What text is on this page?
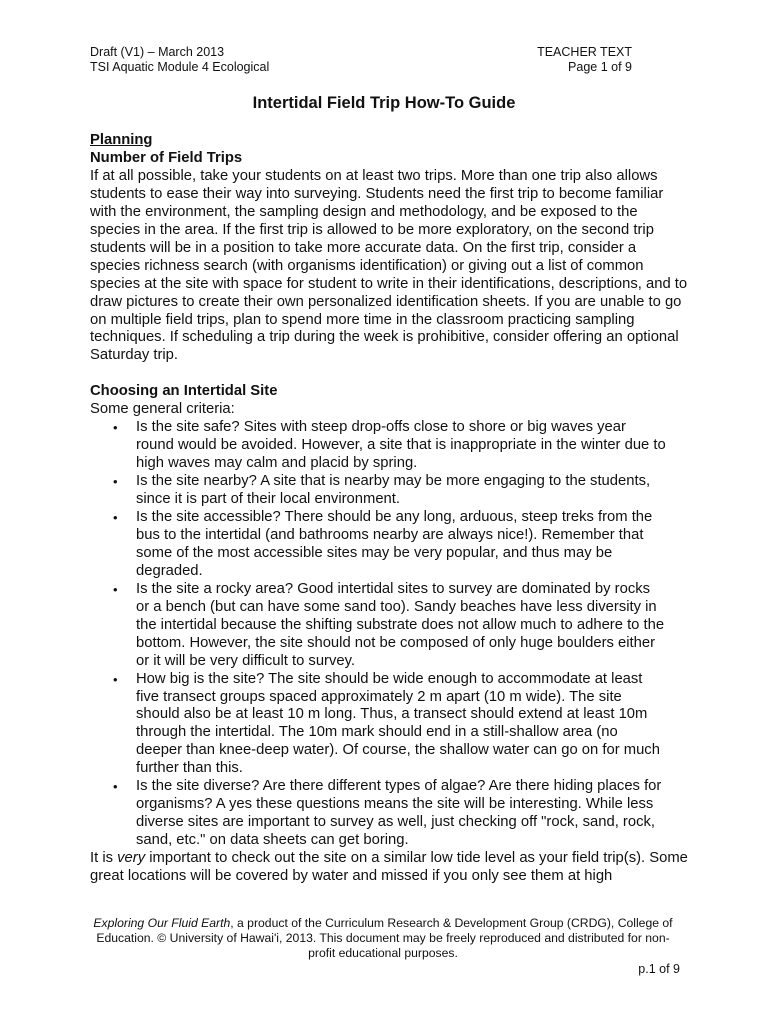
Draft (V1) – March 2013	TEACHER TEXT
TSI Aquatic Module 4 Ecological	Page 1 of 9
Intertidal Field Trip How-To Guide
Planning
Number of Field Trips

If at all possible, take your students on at least two trips. More than one trip also allows students to ease their way into surveying. Students need the first trip to become familiar with the environment, the sampling design and methodology, and be exposed to the species in the area. If the first trip is allowed to be more exploratory, on the second trip students will be in a position to take more accurate data. On the first trip, consider a species richness search (with organisms identification) or giving out a list of common species at the site with space for student to write in their identifications, descriptions, and to draw pictures to create their own personalized identification sheets. If you are unable to go on multiple field trips, plan to spend more time in the classroom practicing sampling techniques. If scheduling a trip during the week is prohibitive, consider offering an optional Saturday trip.

Choosing an Intertidal Site
Some general criteria:
• Is the site safe? Sites with steep drop-offs close to shore or big waves year round would be avoided. However, a site that is inappropriate in the winter due to high waves may calm and placid by spring.
• Is the site nearby? A site that is nearby may be more engaging to the students, since it is part of their local environment.
• Is the site accessible? There should be any long, arduous, steep treks from the bus to the intertidal (and bathrooms nearby are always nice!). Remember that some of the most accessible sites may be very popular, and thus may be degraded.
• Is the site a rocky area? Good intertidal sites to survey are dominated by rocks or a bench (but can have some sand too). Sandy beaches have less diversity in the intertidal because the shifting substrate does not allow much to adhere to the bottom. However, the site should not be composed of only huge boulders either or it will be very difficult to survey.
• How big is the site? The site should be wide enough to accommodate at least five transect groups spaced approximately 2 m apart (10 m wide). The site should also be at least 10 m long. Thus, a transect should extend at least 10m through the intertidal. The 10m mark should end in a still-shallow area (no deeper than knee-deep water). Of course, the shallow water can go on for much further than this.
• Is the site diverse? Are there different types of algae? Are there hiding places for organisms? A yes these questions means the site will be interesting. While less diverse sites are important to survey as well, just checking off "rock, sand, rock, sand, etc." on data sheets can get boring.

It is very important to check out the site on a similar low tide level as your field trip(s). Some great locations will be covered by water and missed if you only see them at high

Exploring Our Fluid Earth, a product of the Curriculum Research & Development Group (CRDG), College of Education. © University of Hawai'i, 2013. This document may be freely reproduced and distributed for non-profit educational purposes.
p.1 of 9
